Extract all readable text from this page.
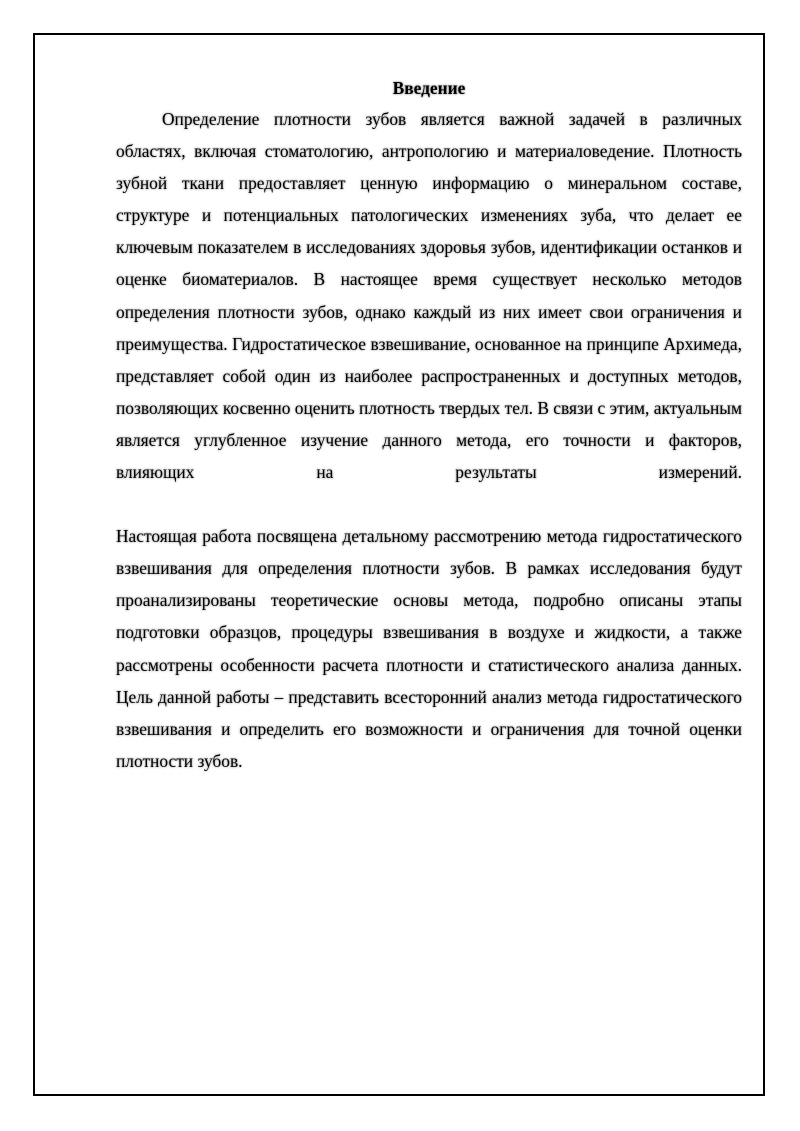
Введение

Определение плотности зубов является важной задачей в различных областях, включая стоматологию, антропологию и материаловедение. Плотность зубной ткани предоставляет ценную информацию о минеральном составе, структуре и потенциальных патологических изменениях зуба, что делает ее ключевым показателем в исследованиях здоровья зубов, идентификации останков и оценке биоматериалов. В настоящее время существует несколько методов определения плотности зубов, однако каждый из них имеет свои ограничения и преимущества. Гидростатическое взвешивание, основанное на принципе Архимеда, представляет собой один из наиболее распространенных и доступных методов, позволяющих косвенно оценить плотность твердых тел. В связи с этим, актуальным является углубленное изучение данного метода, его точности и факторов, влияющих на результаты измерений.

Настоящая работа посвящена детальному рассмотрению метода гидростатического взвешивания для определения плотности зубов. В рамках исследования будут проанализированы теоретические основы метода, подробно описаны этапы подготовки образцов, процедуры взвешивания в воздухе и жидкости, а также рассмотрены особенности расчета плотности и статистического анализа данных. Цель данной работы – представить всесторонний анализ метода гидростатического взвешивания и определить его возможности и ограничения для точной оценки плотности зубов.
